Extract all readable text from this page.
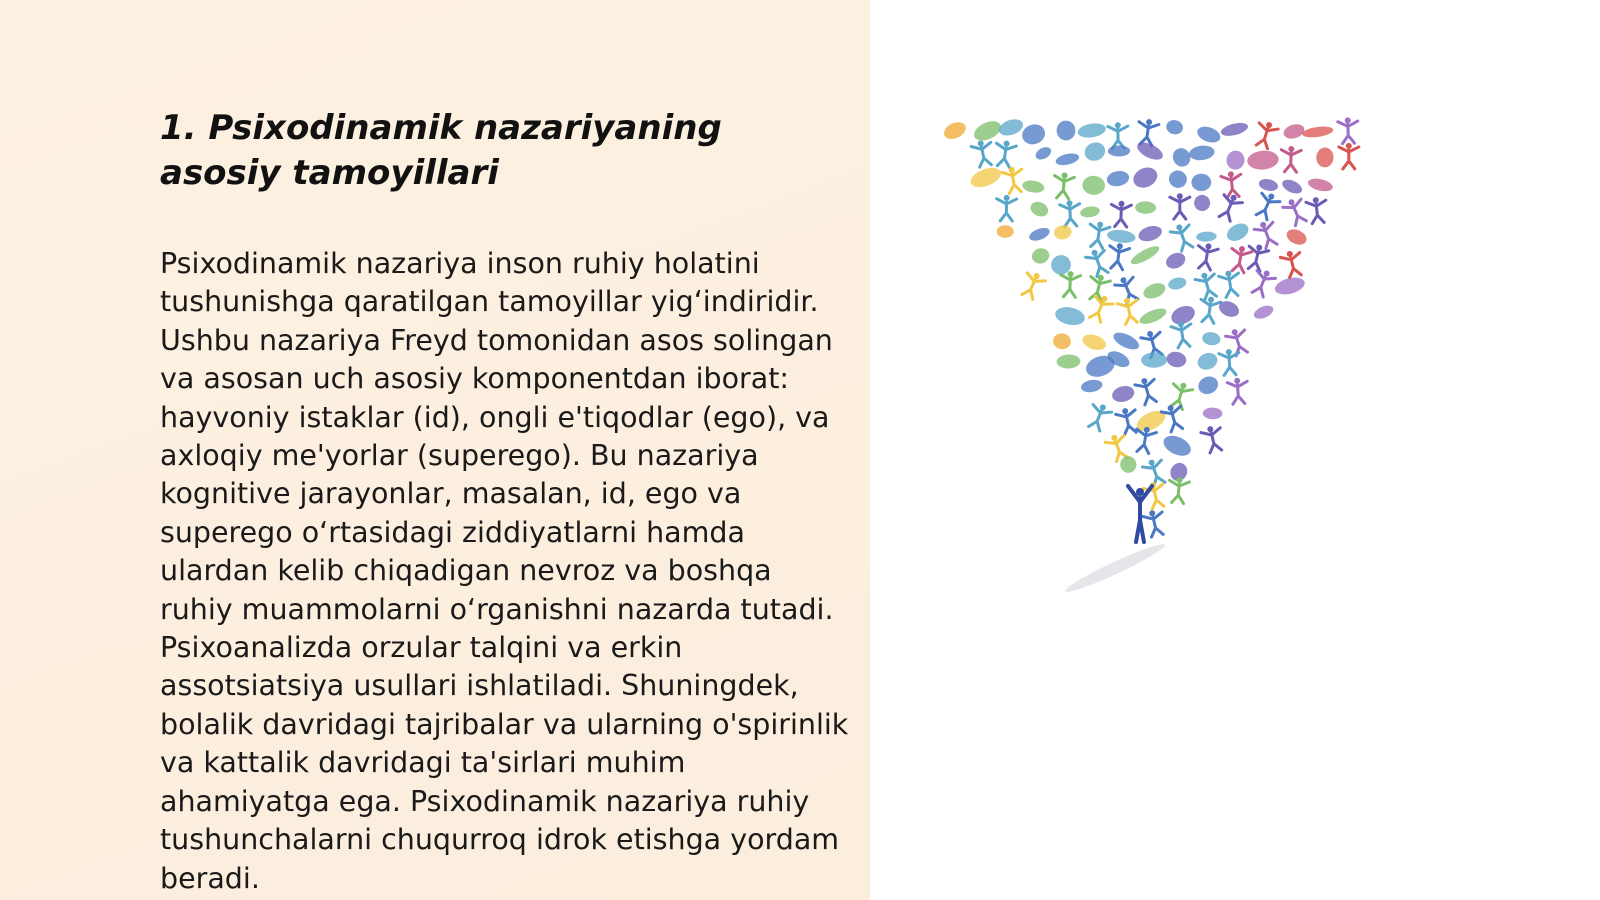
1. Psixodinamik nazariyaning asosiy tamoyillari

Psixodinamik nazariya inson ruhiy holatini tushunishga qaratilgan tamoyillar yig‘indiridir. Ushbu nazariya Freyd tomonidan asos solingan va asosan uch asosiy komponentdan iborat: hayvoniy istaklar (id), ongli e'tiqodlar (ego), va axloqiy me'yorlar (superego). Bu nazariya kognitive jarayonlar, masalan, id, ego va superego o‘rtasidagi ziddiyatlarni hamda ulardan kelib chiqadigan nevroz va boshqa ruhiy muammolarni o‘rganishni nazarda tutadi. Psixoanalizda orzular talqini va erkin assotsiatsiya usullari ishlatiladi. Shuningdek, bolalik davridagi tajribalar va ularning o'spirinlik va kattalik davridagi ta'sirlari muhim ahamiyatga ega. Psixodinamik nazariya ruhiy tushunchalarni chuqurroq idrok etishga yordam beradi.
